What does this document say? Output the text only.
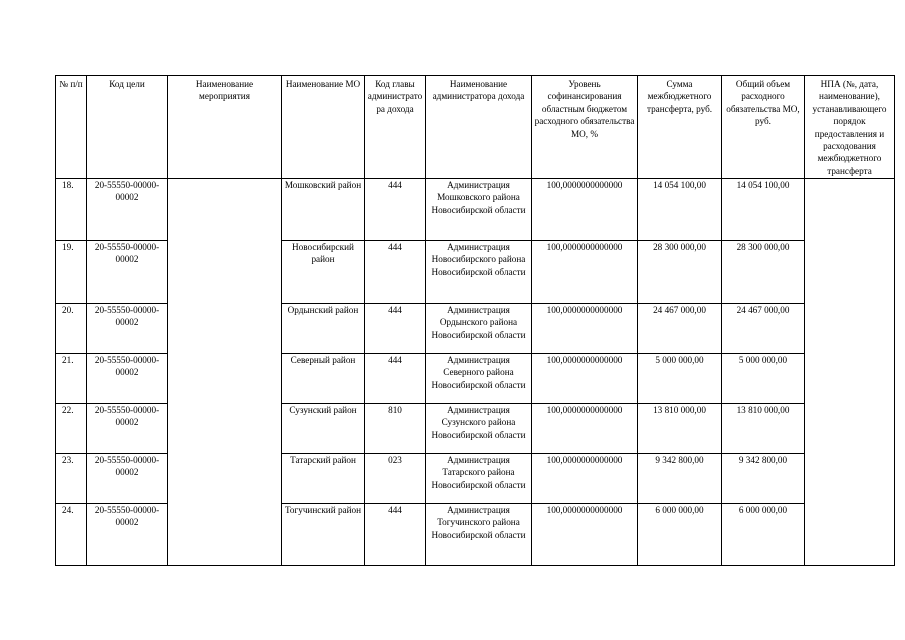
№ п/п	Код цели	Наименование мероприятия	Наименование МО	Код главы администратора дохода	Наименование администратора дохода	Уровень софинансирования областным бюджетом расходного обязательства МО, %	Сумма межбюджетного трансферта, руб.	Общий объем расходного обязательства МО, руб.	НПА (№, дата, наименование), устанавливающего порядок предоставления и расходования межбюджетного трансферта
18.	20-55550-00000-00002		Мошковский район	444	Администрация Мошковского района Новосибирской области	100,0000000000000	14 054 100,00	14 054 100,00	
19.	20-55550-00000-00002		Новосибирский район	444	Администрация Новосибирского района Новосибирской области	100,0000000000000	28 300 000,00	28 300 000,00	
20.	20-55550-00000-00002		Ордынский район	444	Администрация Ордынского района Новосибирской области	100,0000000000000	24 467 000,00	24 467 000,00	
21.	20-55550-00000-00002		Северный район	444	Администрация Северного района Новосибирской области	100,0000000000000	5 000 000,00	5 000 000,00	
22.	20-55550-00000-00002		Сузунский район	810	Администрация Сузунского района Новосибирской области	100,0000000000000	13 810 000,00	13 810 000,00	
23.	20-55550-00000-00002		Татарский район	023	Администрация Татарского района Новосибирской области	100,0000000000000	9 342 800,00	9 342 800,00	
24.	20-55550-00000-00002		Тогучинский район	444	Администрация Тогучинского района Новосибирской области	100,0000000000000	6 000 000,00	6 000 000,00	
